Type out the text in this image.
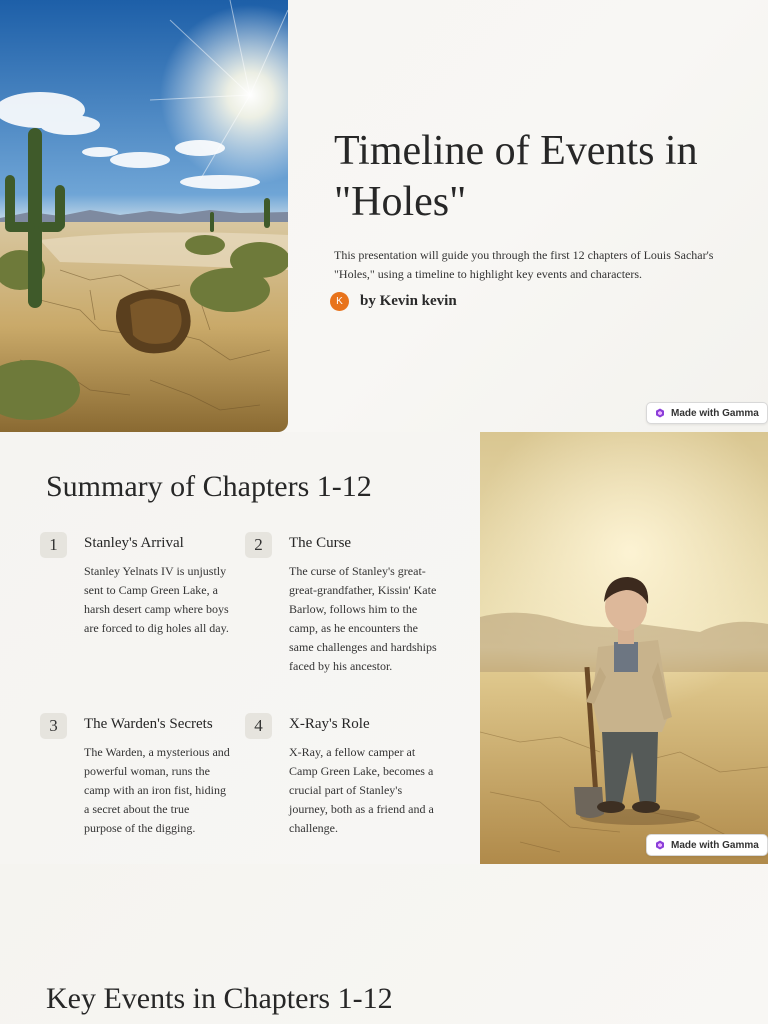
Timeline of Events in "Holes"

This presentation will guide you through the first 12 chapters of Louis Sachar's "Holes," using a timeline to highlight key events and characters.

K	by Kevin kevin
Made with Gamma
Summary of Chapters 1-12
1	Stanley's Arrival
Stanley Yelnats IV is unjustly sent to Camp Green Lake, a harsh desert camp where boys are forced to dig holes all day.
2	The Curse
The curse of Stanley's great-great-grandfather, Kissin' Kate Barlow, follows him to the camp, as he encounters the same challenges and hardships faced by his ancestor.
3	The Warden's Secrets
The Warden, a mysterious and powerful woman, runs the camp with an iron fist, hiding a secret about the true purpose of the digging.
4	X-Ray's Role
X-Ray, a fellow camper at Camp Green Lake, becomes a crucial part of Stanley's journey, both as a friend and a challenge.
Made with Gamma
Key Events in Chapters 1-12
